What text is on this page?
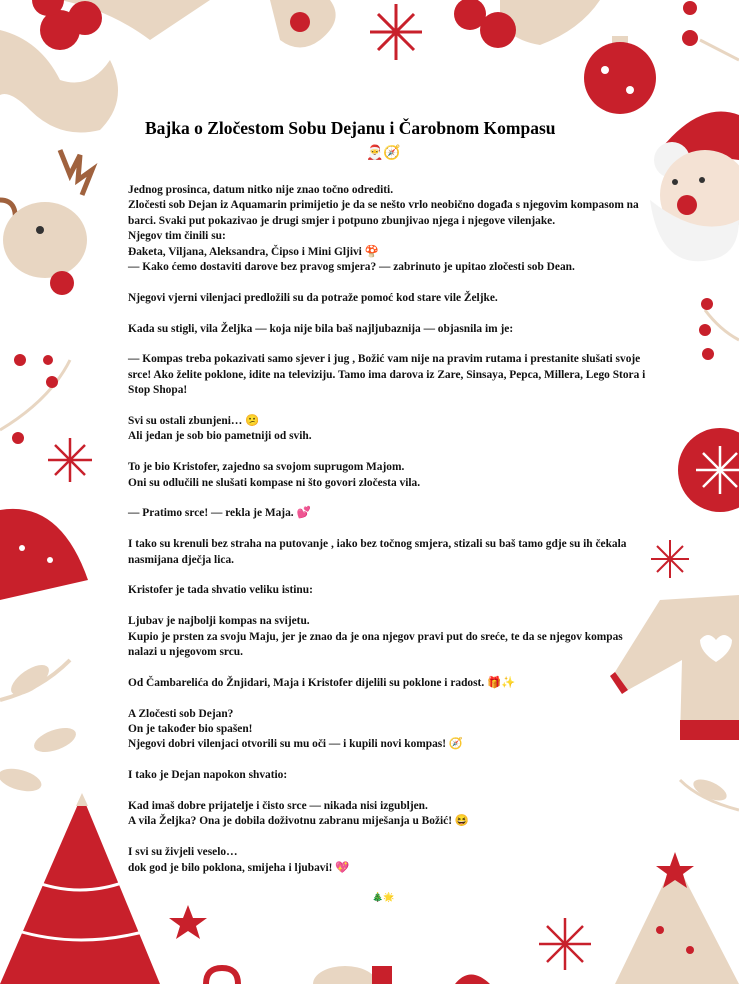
Bajka o Zločestom Sobu Dejanu i Čarobnom Kompasu
🎅🧭

Jednog prosinca, datum nitko nije znao točno odrediti.
Zločesti sob Dejan iz Aquamarin primijetio je da se nešto vrlo neobično događa s njegovim kompasom na barci. Svaki put pokazivao je drugi smjer i potpuno zbunjivao njega i njegove vilenjake.
Njegov tim činili su:
Đaketa, Viljana, Aleksandra, Čipso i Mini Gljivi 🍄
— Kako ćemo dostaviti darove bez pravog smjera? — zabrinuto je upitao zločesti sob Dean.

Njegovi vjerni vilenjaci predložili su da potraže pomoć kod stare vile Željke.

Kada su stigli, vila Željka — koja nije bila baš najljubaznija — objasnila im je:

— Kompas treba pokazivati samo sjever i jug , Božić vam nije na pravim rutama i prestanite slušati svoje srce! Ako želite poklone, idite na televiziju. Tamo ima darova iz Zare, Sinsaya, Pepca, Millera, Lego Stora i Stop Shopa!

Svi su ostali zbunjeni… 😕
Ali jedan je sob bio pametniji od svih.

To je bio Kristofer, zajedno sa svojom suprugom Majom.
Oni su odlučili ne slušati kompase ni što govori zločesta vila.

— Pratimo srce! — rekla je Maja. 💕

I tako su krenuli bez straha na putovanje , iako bez točnog smjera, stizali su baš tamo gdje su ih čekala nasmijana dječja lica.

Kristofer je tada shvatio veliku istinu:

Ljubav je najbolji kompas na svijetu.
Kupio je prsten za svoju Maju, jer je znao da je ona njegov pravi put do sreće, te da se njegov kompas nalazi u njegovom srcu.

Od Čambarelića do Žnjidari, Maja i Kristofer dijelili su poklone i radost. 🎁✨

A Zločesti sob Dejan?
On je također bio spašen!
Njegovi dobri vilenjaci otvorili su mu oči — i kupili novi kompas! 🧭

I tako je Dejan napokon shvatio:

Kad imaš dobre prijatelje i čisto srce — nikada nisi izgubljen.
A vila Željka? Ona je dobila doživotnu zabranu miješanja u Božić! 😆

I svi su živjeli veselo…
dok god je bilo poklona, smijeha i ljubavi! 💖

🎄🌟
